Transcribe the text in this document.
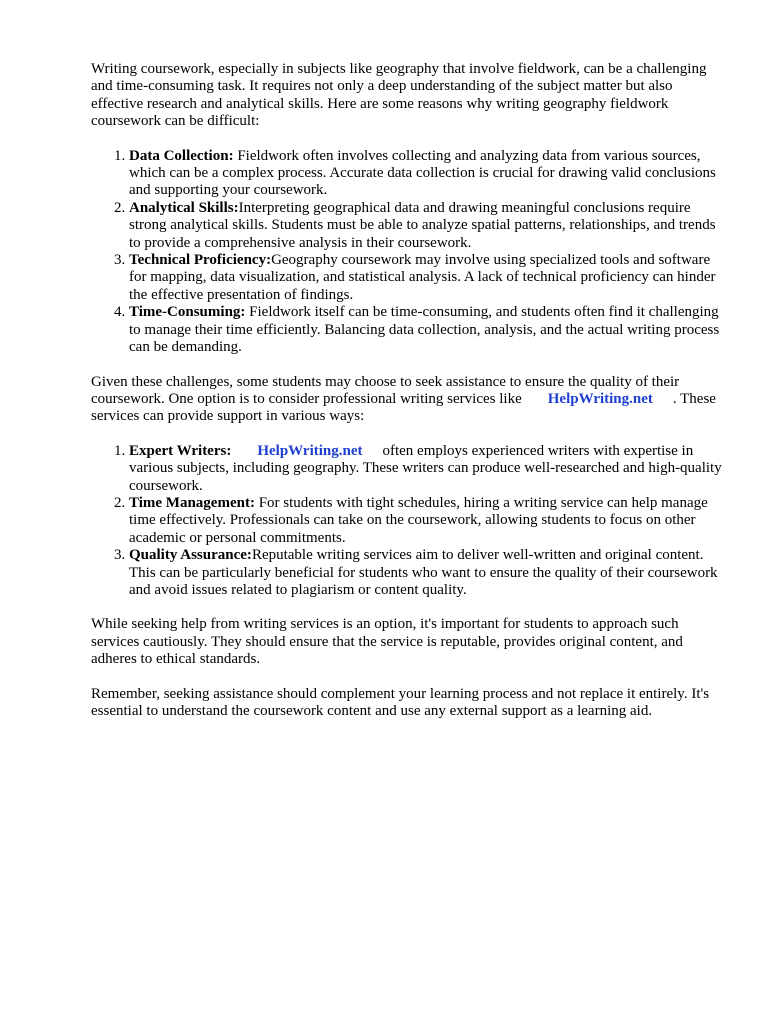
Writing coursework, especially in subjects like geography that involve fieldwork, can be a challenging and time-consuming task. It requires not only a deep understanding of the subject matter but also effective research and analytical skills. Here are some reasons why writing geography fieldwork coursework can be difficult:

1. Data Collection: Fieldwork often involves collecting and analyzing data from various sources, which can be a complex process. Accurate data collection is crucial for drawing valid conclusions and supporting your coursework.
2. Analytical Skills:Interpreting geographical data and drawing meaningful conclusions require strong analytical skills. Students must be able to analyze spatial patterns, relationships, and trends to provide a comprehensive analysis in their coursework.
3. Technical Proficiency:Geography coursework may involve using specialized tools and software for mapping, data visualization, and statistical analysis. A lack of technical proficiency can hinder the effective presentation of findings.
4. Time-Consuming: Fieldwork itself can be time-consuming, and students often find it challenging to manage their time efficiently. Balancing data collection, analysis, and the actual writing process can be demanding.

Given these challenges, some students may choose to seek assistance to ensure the quality of their coursework. One option is to consider professional writing services like HelpWriting.net . These services can provide support in various ways:

1. Expert Writers: HelpWriting.net often employs experienced writers with expertise in various subjects, including geography. These writers can produce well-researched and high-quality coursework.
2. Time Management: For students with tight schedules, hiring a writing service can help manage time effectively. Professionals can take on the coursework, allowing students to focus on other academic or personal commitments.
3. Quality Assurance:Reputable writing services aim to deliver well-written and original content. This can be particularly beneficial for students who want to ensure the quality of their coursework and avoid issues related to plagiarism or content quality.

While seeking help from writing services is an option, it's important for students to approach such services cautiously. They should ensure that the service is reputable, provides original content, and adheres to ethical standards.

Remember, seeking assistance should complement your learning process and not replace it entirely. It's essential to understand the coursework content and use any external support as a learning aid.
